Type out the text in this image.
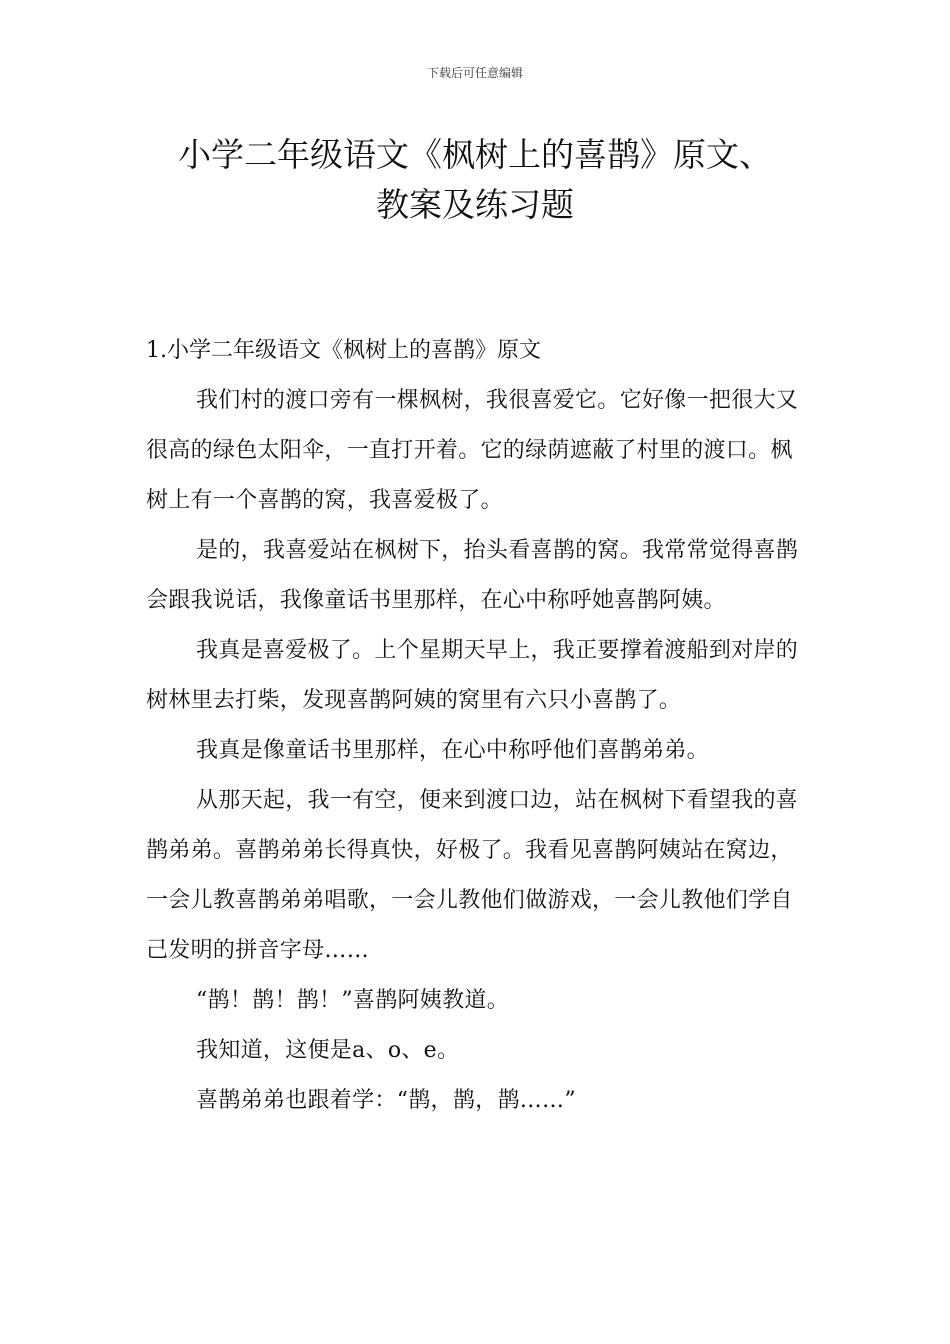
下载后可任意编辑
小学二年级语文《枫树上的喜鹊》原文、
教案及练习题

1.小学二年级语文《枫树上的喜鹊》原文

我们村的渡口旁有一棵枫树，我很喜爱它。它好像一把很大又很高的绿色太阳伞，一直打开着。它的绿荫遮蔽了村里的渡口。枫树上有一个喜鹊的窝，我喜爱极了。

是的，我喜爱站在枫树下，抬头看喜鹊的窝。我常常觉得喜鹊会跟我说话，我像童话书里那样，在心中称呼她喜鹊阿姨。

我真是喜爱极了。上个星期天早上，我正要撑着渡船到对岸的树林里去打柴，发现喜鹊阿姨的窝里有六只小喜鹊了。

我真是像童话书里那样，在心中称呼他们喜鹊弟弟。

从那天起，我一有空，便来到渡口边，站在枫树下看望我的喜鹊弟弟。喜鹊弟弟长得真快，好极了。我看见喜鹊阿姨站在窝边，一会儿教喜鹊弟弟唱歌，一会儿教他们做游戏，一会儿教他们学自己发明的拼音字母……

“鹊！鹊！鹊！”喜鹊阿姨教道。

我知道，这便是a、o、e。

喜鹊弟弟也跟着学：“鹊，鹊，鹊……”
